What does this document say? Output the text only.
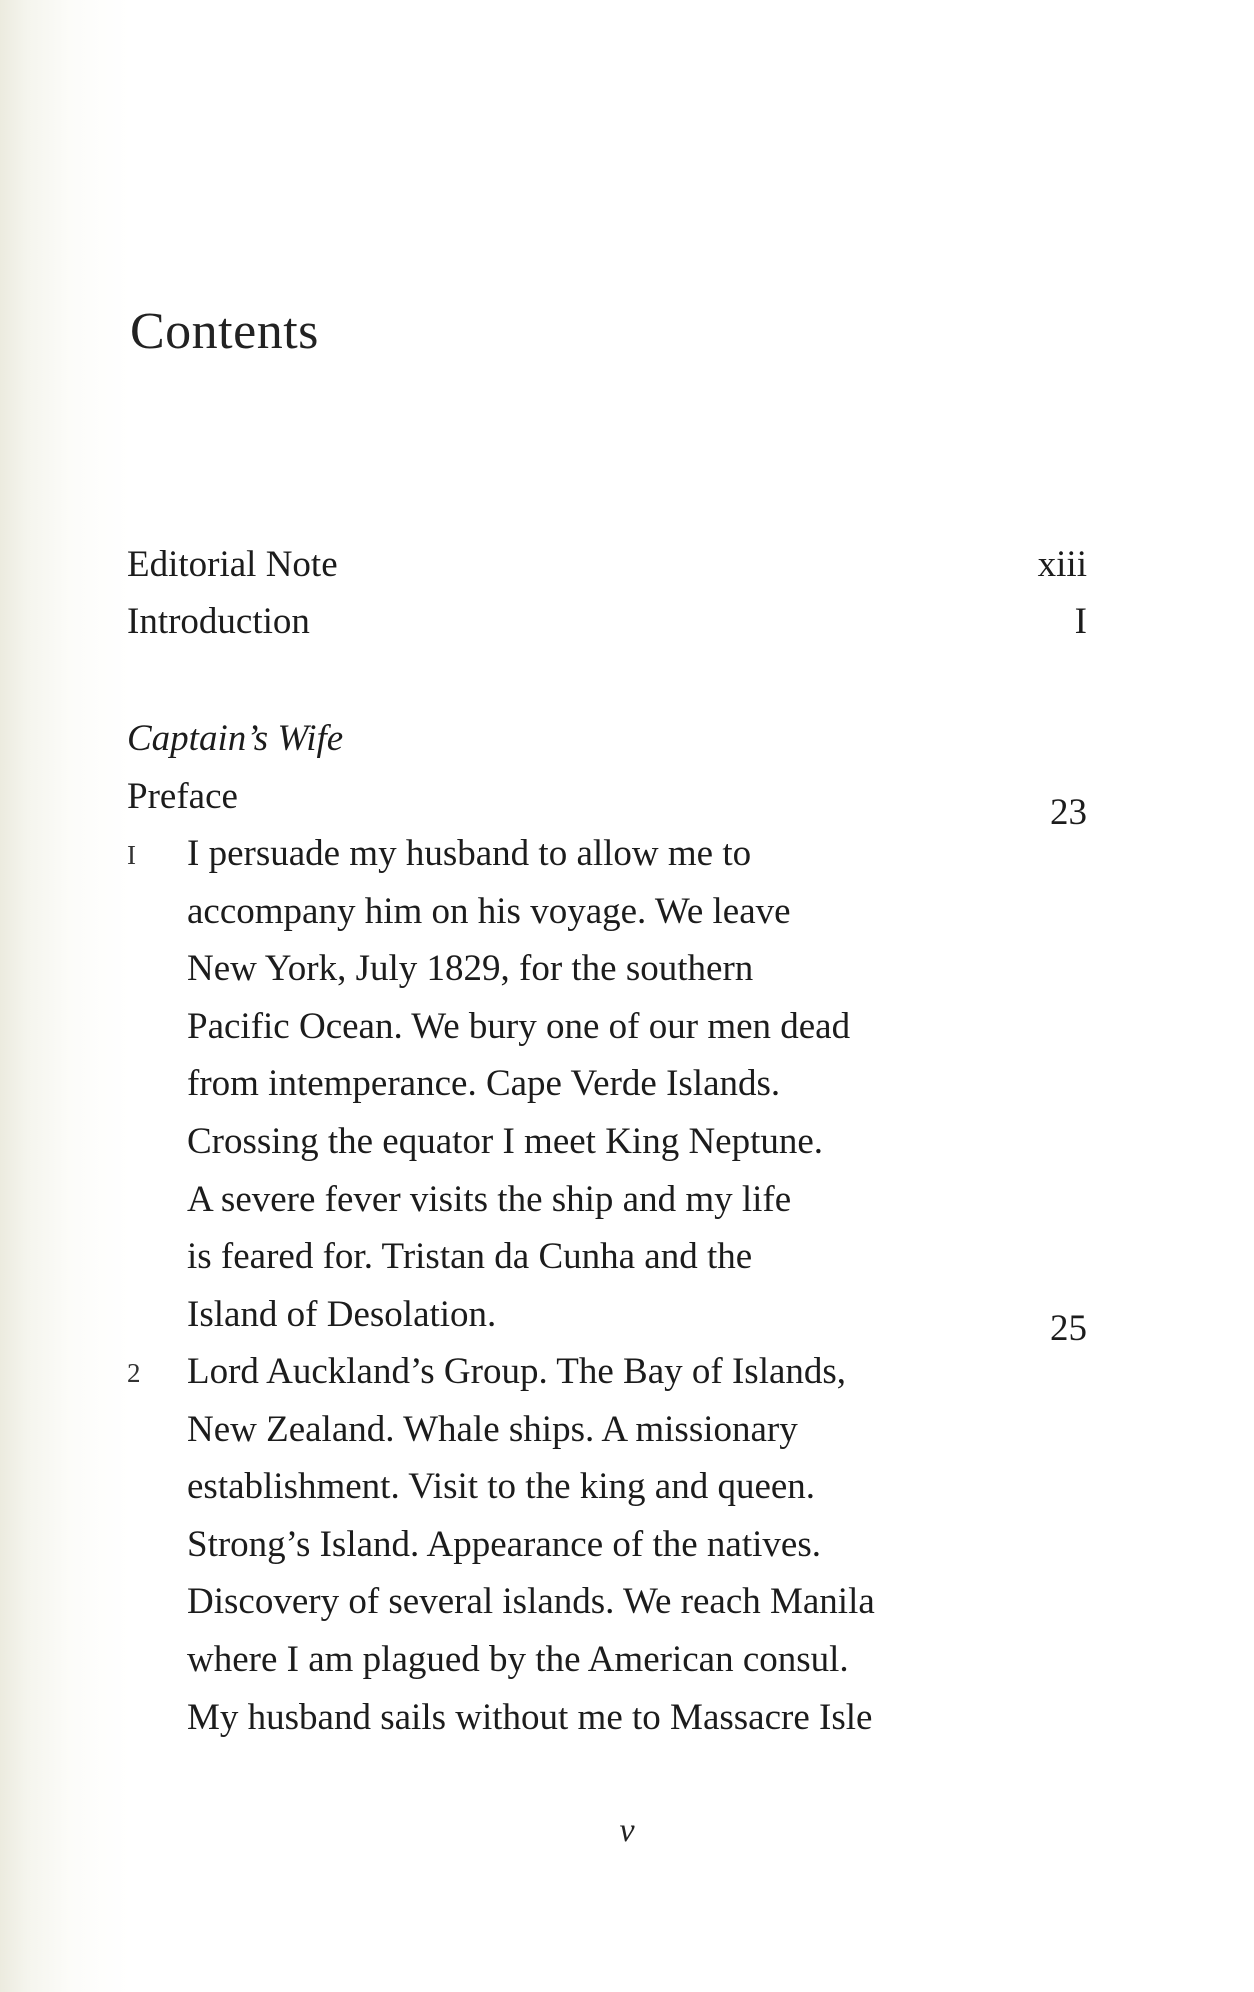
Contents
Editorial Note	xiii
Introduction	I
Captain’s Wife
Preface	23
I I persuade my husband to allow me to
accompany him on his voyage. We leave
New York, July 1829, for the southern
Pacific Ocean. We bury one of our men dead
from intemperance. Cape Verde Islands.
Crossing the equator I meet King Neptune.
A severe fever visits the ship and my life
is feared for. Tristan da Cunha and the
Island of Desolation.	25
2 Lord Auckland’s Group. The Bay of Islands,
New Zealand. Whale ships. A missionary
establishment. Visit to the king and queen.
Strong’s Island. Appearance of the natives.
Discovery of several islands. We reach Manila
where I am plagued by the American consul.
My husband sails without me to Massacre Isle
v
